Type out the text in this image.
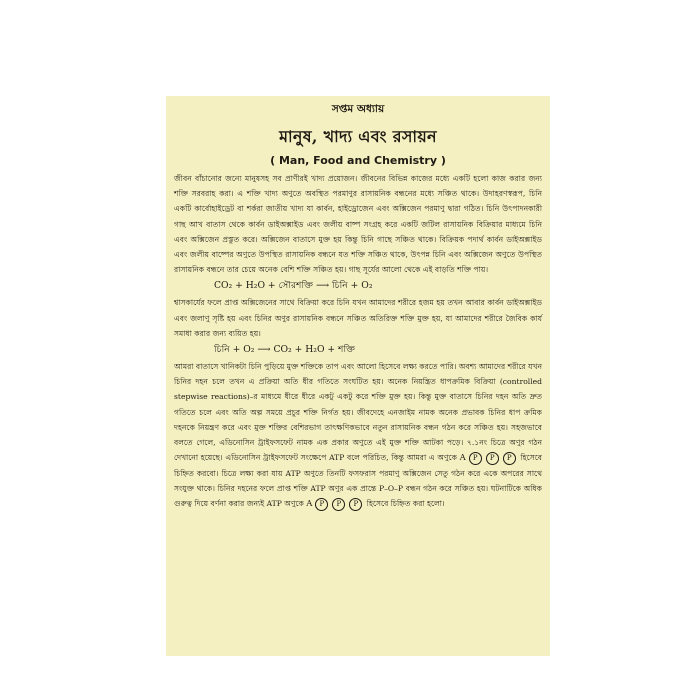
সপ্তম অধ্যায়
মানুষ, খাদ্য এবং রসায়ন
( Man, Food and Chemistry )

জীবন বাঁচানোর জন্যে মানুষসহ সব প্রাণীরই খাদ্য প্রয়োজন। জীবনের বিভিন্ন কাজের মধ্যে একটি হলো কাজ করার জন্য শক্তি সরবরাহ করা। এ শক্তি খাদ্য অণুতে অবস্থিত পরমাণুর রাসায়নিক বন্ধনের মধ্যে সঞ্চিত থাকে। উদাহরণস্বরূপ, চিনি একটি কার্বোহাইড্রেট বা শর্করা জাতীয় খাদ্য যা কার্বন, হাইড্রোজেন এবং অক্সিজেন পরমাণু দ্বারা গঠিত। চিনি উৎপাদনকারী গাছ আখ বাতাস থেকে কার্বন ডাইঅক্সাইড এবং জলীয় বাষ্প সংগ্রহ করে একটি জটিল রাসায়নিক বিক্রিয়ার মাধ্যমে চিনি এবং অক্সিজেন প্রস্তুত করে। অক্সিজেন বাতাসে মুক্ত হয় কিন্তু চিনি গাছে সঞ্চিত থাকে। বিক্রিয়ক পদার্থ কার্বন ডাইঅক্সাইড এবং জলীয় বাষ্পের অণুতে উপস্থিত রাসায়নিক বন্ধনে যত শক্তি সঞ্চিত থাকে, উৎপন্ন চিনি এবং অক্সিজেন অণুতে উপস্থিত রাসায়নিক বন্ধনে তার চেয়ে অনেক বেশি শক্তি সঞ্চিত হয়। গাছ সূর্যের আলো থেকে এই বাড়তি শক্তি পায়।

CO₂ + H₂O + সৌরশক্তি ⟶ চিনি + O₂

শ্বাসকার্যের ফলে প্রাপ্ত অক্সিজেনের সাথে বিক্রিয়া করে চিনি যখন আমাদের শরীরে হজম হয় তখন আবার কার্বন ডাইঅক্সাইড এবং জলাণু সৃষ্টি হয় এবং চিনির অণুর রাসায়নিক বন্ধনে সঞ্চিত অতিরিক্ত শক্তি মুক্ত হয়, যা আমাদের শরীরে জৈবিক কার্য সমাধা করার জন্য ব্যয়িত হয়।

চিনি + O₂ ⟶ CO₂ + H₂O + শক্তি

আমরা বাতাসে খানিকটা চিনি পুড়িয়ে মুক্ত শক্তিকে তাপ এবং আলো হিসেবে লক্ষ্য করতে পারি। অবশ্য আমাদের শরীরে যখন চিনির দহন চলে তখন এ প্রক্রিয়া অতি ধীর গতিতে সংঘটিত হয়। অনেক নিয়ন্ত্রিত ধাপক্রমিক বিক্রিয়া (controlled stepwise reactions)–র মাধ্যমে ধীরে ধীরে একটু একটু করে শক্তি মুক্ত হয়। কিন্তু মুক্ত বাতাসে চিনির দহন অতি দ্রুত গতিতে চলে এবং অতি অল্প সময়ে প্রচুর শক্তি নির্গত হয়। জীবদেহে এনজাইম নামক অনেক প্রভাবক চিনির ধাপ ক্রমিক দহনকে নিয়ন্ত্রণ করে এবং মুক্ত শক্তির বেশিরভাগ তাৎক্ষণিকভাবে নতুন রাসায়নিক বন্ধন গঠন করে সঞ্চিত হয়। সহজভাবে বলতে গেলে, এডিনোসিন ট্রাইফসফেট নামক এক প্রকার অণুতে এই মুক্ত শক্তি আটকা পড়ে। ৭.১নং চিত্রে অণুর গঠন দেখানো হয়েছে। এডিনোসিন ট্রাইফসফেট সংক্ষেপে ATP বলে পরিচিত, কিন্তু আমরা এ অণুকে A P P P হিসেবে চিহ্নিত করবো। চিত্রে লক্ষ্য করা যায় ATP অণুতে তিনটি ফসফরাস পরমাণু অক্সিজেন সেতু গঠন করে একে অপরের সাথে সংযুক্ত থাকে। চিনির দহনের ফলে প্রাপ্ত শক্তি ATP অণুর এক প্রান্তে P–O–P বন্ধন গঠন করে সঞ্চিত হয়। ঘটনাটিকে অধিক গুরুত্ব দিয়ে বর্ণনা করার জন্যই ATP অণুকে A P P P হিসেবে চিহ্নিত করা হলো।
